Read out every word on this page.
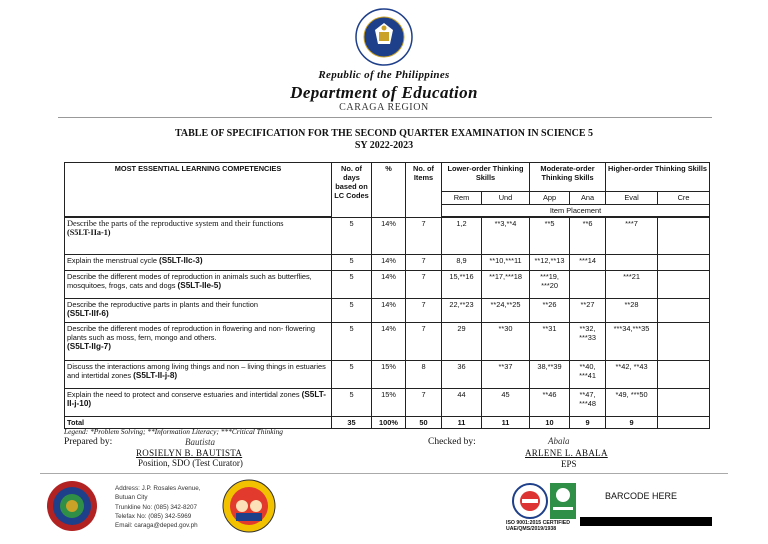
Republic of the Philippines
Department of Education
CARAGA REGION
TABLE OF SPECIFICATION FOR THE SECOND QUARTER EXAMINATION IN SCIENCE 5
SY 2022-2023
MOST ESSENTIAL LEARNING COMPETENCIES	No. of days based on LC Codes	%	No. of Items	Lower-order Thinking Skills		Moderate-order Thinking Skills		Higher-order Thinking Skills	
				Rem	Und	App	Ana	Eval	Cre
				Item Placement					

Describe the parts of the reproductive system and their functions
(S5LT-IIa-1)	5	14%	7	1,2	**3,**4	**5	**6	***7	
Explain the menstrual cycle (S5LT-IIc-3)	5	14%	7	8,9	**10,***11	**12,**13	***14		
Describe the different modes of reproduction in animals such as butterflies, mosquitoes, frogs, cats and dogs (S5LT-IIe-5)	5	14%	7	15,**16	**17,***18	***19, ***20		***21	
Describe the reproductive parts in plants and their function
(S5LT-IIf-6)	5	14%	7	22,**23	**24,**25	**26	**27	**28	
Describe the different modes of reproduction in flowering and non- flowering plants such as moss, fern, mongo and others.
(S5LT-IIg-7)	5	14%	7	29	**30	**31	**32, ***33	***34,***35	
Discuss the interactions among living things and non – living things in estuaries and intertidal zones (S5LT-II-j-8)	5	15%	8	36	**37	38,**39	**40, ***41	**42, **43	
Explain the need to protect and conserve estuaries and intertidal zones (S5LT-II-j-10)	5	15%	7	44	45	**46	**47, ***48	*49, ***50	
Total	35	100%	50	11	11	10	9	9	
Legend: *Problem Solving; **Information Literacy; ***Critical Thinking
Prepared by:	Bautista
ROSIELYN B. BAUTISTA
Position, SDO (Test Curator)
Checked by:	Abala
ARLENE L. ABALA
EPS
Address: J.P. Rosales Avenue,
Butuan City
Trunkline No: (085) 342-8207
Telefax No: (085) 342-5969
Email: caraga@deped.gov.ph	ISO 9001:2015 CERTIFIED
UAE/QMS/2019/1938
BARCODE HERE
